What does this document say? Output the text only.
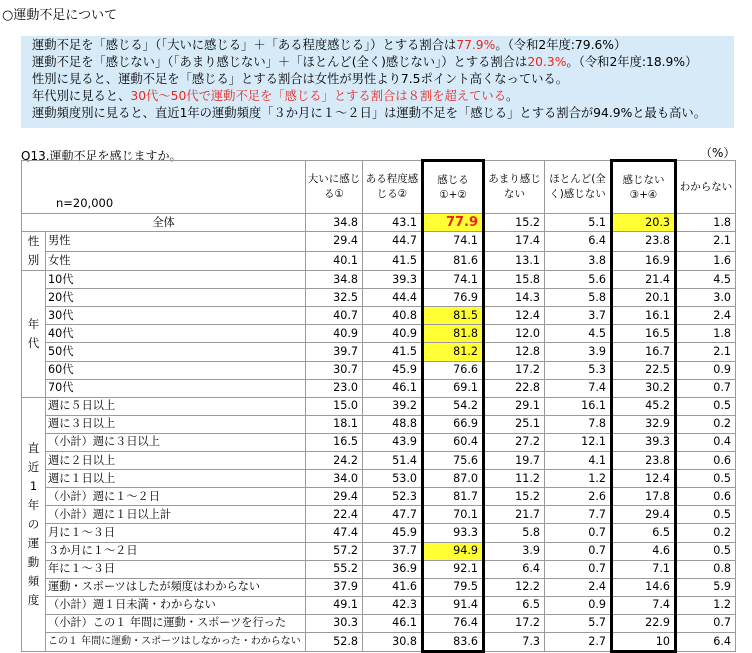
○運動不足について
運動不足を「感じる」（「大いに感じる」＋「ある程度感じる」）とする割合は77.9%。（令和2年度:79.6%）
運動不足を「感じない」（「あまり感じない」＋「ほとんど(全く)感じない」）とする割合は20.3%。（令和2年度:18.9%）
性別に見ると、運動不足を「感じる」とする割合は女性が男性より7.5ポイント高くなっている。
年代別に見ると、30代～50代で運動不足を「感じる」とする割合は８割を超えている。
運動頻度別に見ると、直近1年の運動頻度「３か月に１～２日」は運動不足を「感じる」とする割合が94.9%と最も高い。
Q13.運動不足を感じますか。	（%）
n=20,000		大いに感じる①	ある程度感じる②	感じる①+②	あまり感じない	ほとんど(全く)感じない	感じない③+④	わからない
全体		34.8	43.1	77.9	15.2	5.1	20.3	1.8
性別	男性	29.4	44.7	74.1	17.4	6.4	23.8	2.1
	女性	40.1	41.5	81.6	13.1	3.8	16.9	1.6
年代	10代	34.8	39.3	74.1	15.8	5.6	21.4	4.5
	20代	32.5	44.4	76.9	14.3	5.8	20.1	3.0
	30代	40.7	40.8	81.5	12.4	3.7	16.1	2.4
	40代	40.9	40.9	81.8	12.0	4.5	16.5	1.8
	50代	39.7	41.5	81.2	12.8	3.9	16.7	2.1
	60代	30.7	45.9	76.6	17.2	5.3	22.5	0.9
	70代	23.0	46.1	69.1	22.8	7.4	30.2	0.7
直近1年の運動頻度	週に５日以上	15.0	39.2	54.2	29.1	16.1	45.2	0.5
	週に３日以上	18.1	48.8	66.9	25.1	7.8	32.9	0.2
	（小計）週に３日以上	16.5	43.9	60.4	27.2	12.1	39.3	0.4
	週に２日以上	24.2	51.4	75.6	19.7	4.1	23.8	0.6
	週に１日以上	34.0	53.0	87.0	11.2	1.2	12.4	0.5
	（小計）週に１～２日	29.4	52.3	81.7	15.2	2.6	17.8	0.6
	（小計）週に１日以上計	22.4	47.7	70.1	21.7	7.7	29.4	0.5
	月に１～３日	47.4	45.9	93.3	5.8	0.7	6.5	0.2
	３か月に１～２日	57.2	37.7	94.9	3.9	0.7	4.6	0.5
	年に１～３日	55.2	36.9	92.1	6.4	0.7	7.1	0.8
	運動・スポーツはしたが頻度はわからない	37.9	41.6	79.5	12.2	2.4	14.6	5.9
	（小計）週１日未満・わからない	49.1	42.3	91.4	6.5	0.9	7.4	1.2
	（小計）この１ 年間に運動・スポーツを行った	30.3	46.1	76.4	17.2	5.7	22.9	0.7
	この１ 年間に運動・スポーツはしなかった・わからない	52.8	30.8	83.6	7.3	2.7	10	6.4
